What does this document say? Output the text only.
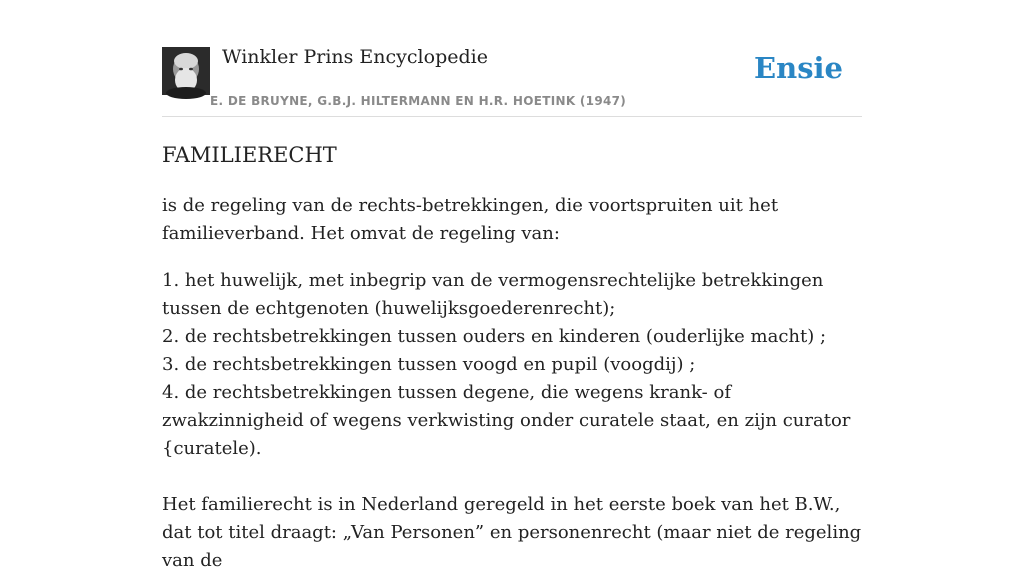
Winkler Prins Encyclopedie
E. DE BRUYNE, G.B.J. HILTERMANN EN H.R. HOETINK (1947)
Ensie
FAMILIERECHT

is de regeling van de rechts-betrekkingen, die voortspruiten uit het familieverband. Het omvat de regeling van:

1. het huwelijk, met inbegrip van de vermogensrechtelijke betrekkingen tussen de echtgenoten (huwelijksgoederenrecht);
2. de rechtsbetrekkingen tussen ouders en kinderen (ouderlijke macht) ;
3. de rechtsbetrekkingen tussen voogd en pupil (voogdij) ;
4. de rechtsbetrekkingen tussen degene, die wegens krank- of zwakzinnigheid of wegens verkwisting onder curatele staat, en zijn curator {curatele).

Het familierecht is in Nederland geregeld in het eerste boek van het B.W., dat tot titel draagt: „Van Personen” en personenrecht (maar niet de regeling van de
